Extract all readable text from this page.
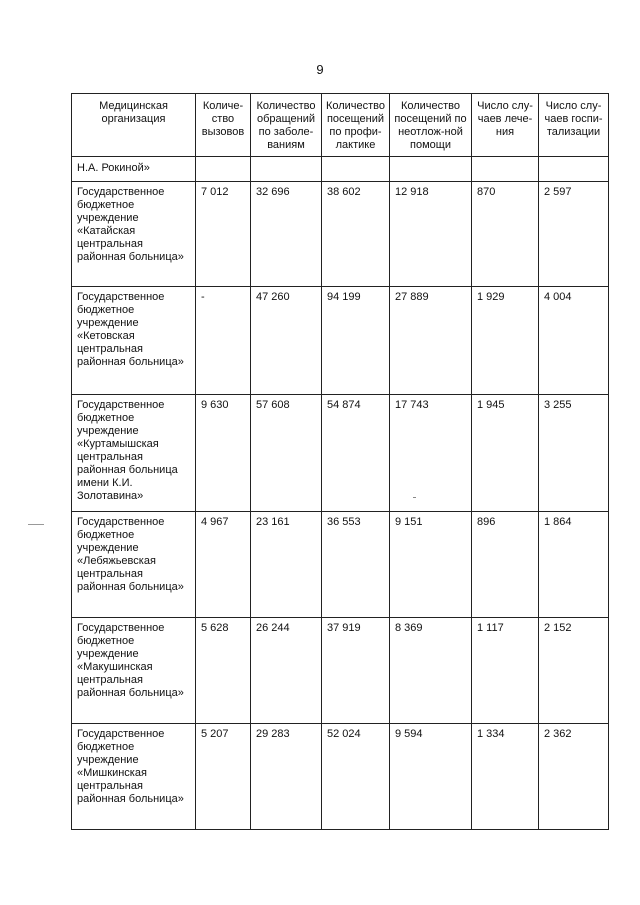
9
Медицинская организация	Количе-ство вызовов	Количество обращений по заболе-ваниям	Количество посещений по профи-лактике	Количество посещений по неотлож-ной помощи	Число слу-чаев лече-ния	Число слу-чаев госпи-тализации
Н.А. Рокиной»						
Государственное бюджетное учреждение «Катайская центральная районная больница»	7 012	32 696	38 602	12 918	870	2 597
Государственное бюджетное учреждение «Кетовская центральная районная больница»	-	47 260	94 199	27 889	1 929	4 004
Государственное бюджетное учреждение «Куртамышская центральная районная больница имени К.И. Золотавина»	9 630	57 608	54 874	17 743	1 945	3 255
Государственное бюджетное учреждение «Лебяжьевская центральная районная больница»	4 967	23 161	36 553	9 151	896	1 864
Государственное бюджетное учреждение «Макушинская центральная районная больница»	5 628	26 244	37 919	8 369	1 117	2 152
Государственное бюджетное учреждение «Мишкинская центральная районная больница»	5 207	29 283	52 024	9 594	1 334	2 362
